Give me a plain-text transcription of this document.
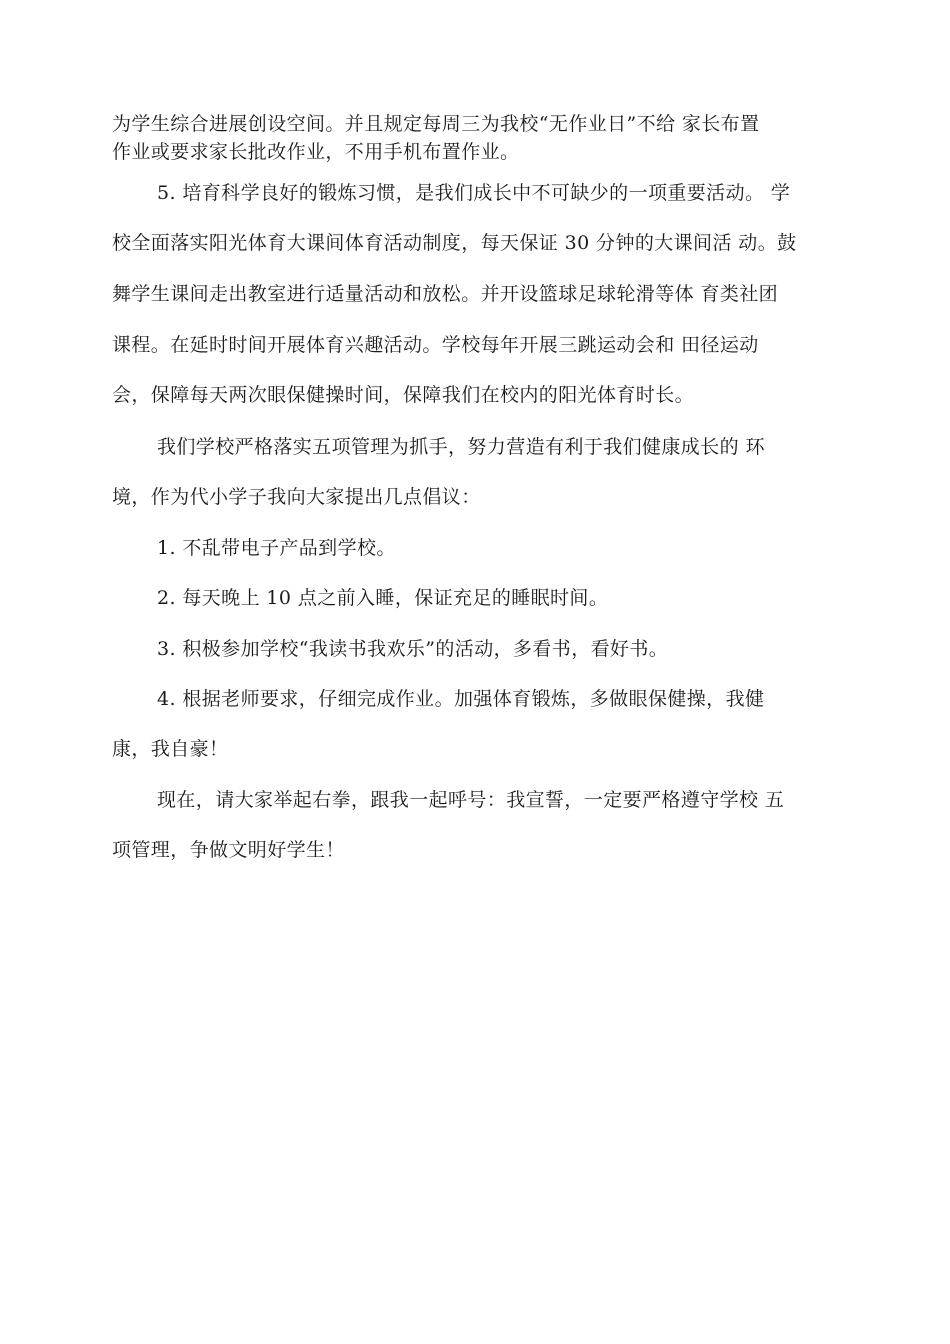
为学生综合进展创设空间。并且规定每周三为我校“无作业日”不给 家长布置
作业或要求家长批改作业，不用手机布置作业。
5. 培育科学良好的锻炼习惯，是我们成长中不可缺少的一项重要活动。 学
校全面落实阳光体育大课间体育活动制度，每天保证 30 分钟的大课间活 动。鼓
舞学生课间走出教室进行适量活动和放松。并开设篮球足球轮滑等体 育类社团
课程。在延时时间开展体育兴趣活动。学校每年开展三跳运动会和 田径运动
会，保障每天两次眼保健操时间，保障我们在校内的阳光体育时长。
我们学校严格落实五项管理为抓手，努力营造有利于我们健康成长的 环
境，作为代小学子我向大家提出几点倡议：
1. 不乱带电子产品到学校。
2. 每天晚上 10 点之前入睡，保证充足的睡眠时间。
3. 积极参加学校“我读书我欢乐”的活动，多看书，看好书。
4. 根据老师要求，仔细完成作业。加强体育锻炼，多做眼保健操，我健
康，我自豪！
现在，请大家举起右拳，跟我一起呼号：我宣誓，一定要严格遵守学校 五
项管理，争做文明好学生！
